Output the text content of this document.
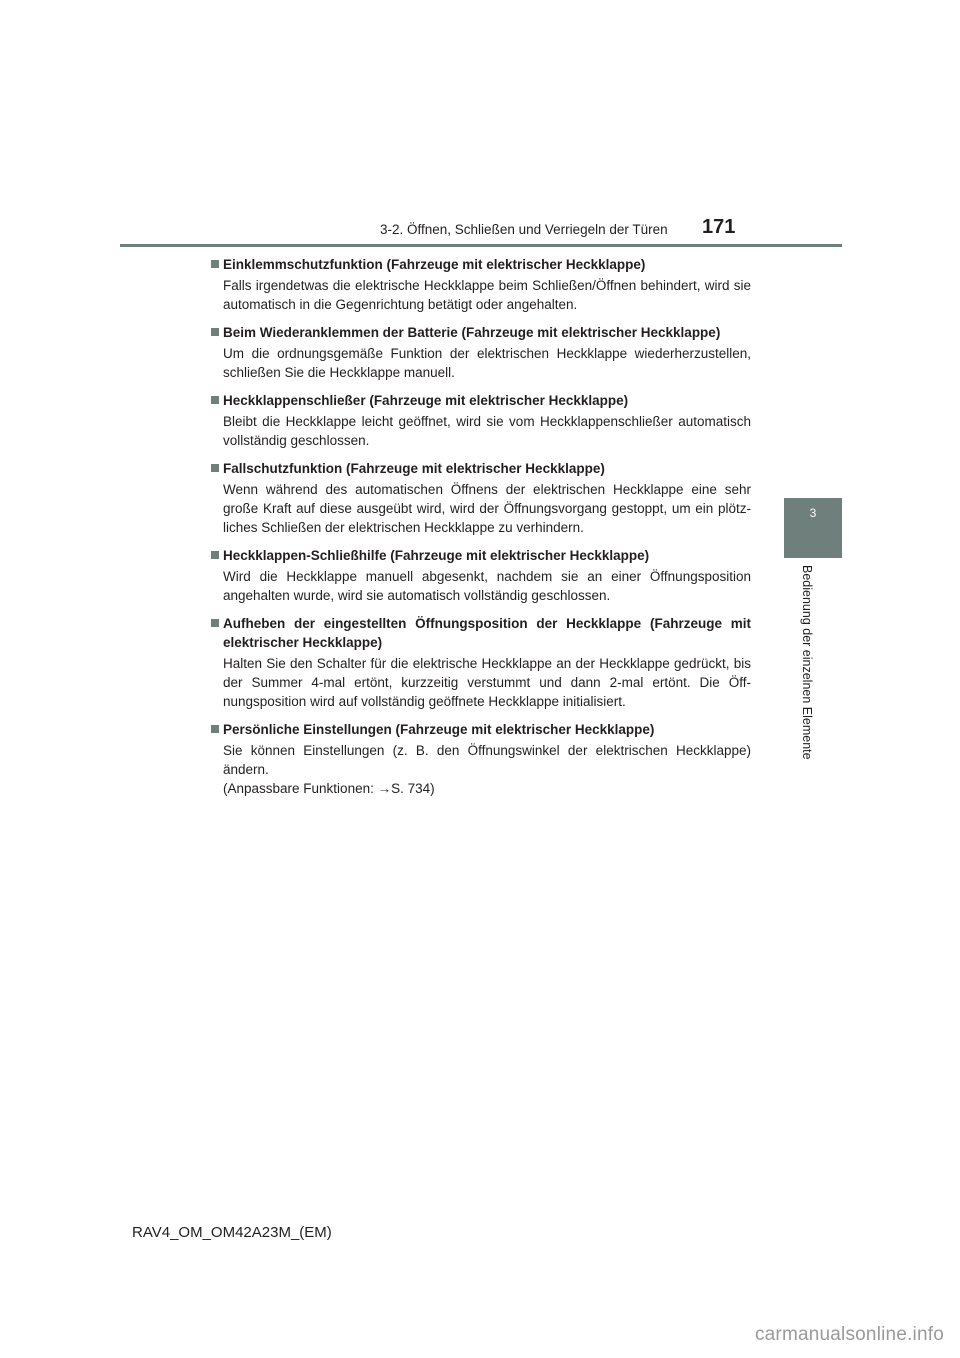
3-2. Öffnen, Schließen und Verriegeln der Türen	171
3
Bedienung der einzelnen Elemente
Einklemmschutzfunktion (Fahrzeuge mit elektrischer Heckklappe)
Falls irgendetwas die elektrische Heckklappe beim Schließen/Öffnen behindert, wird sie automatisch in die Gegenrichtung betätigt oder angehalten.
Beim Wiederanklemmen der Batterie (Fahrzeuge mit elektrischer Heckklappe)
Um die ordnungsgemäße Funktion der elektrischen Heckklappe wiederherzustellen, schließen Sie die Heckklappe manuell.
Heckklappenschließer (Fahrzeuge mit elektrischer Heckklappe)
Bleibt die Heckklappe leicht geöffnet, wird sie vom Heckklappenschließer automatisch vollständig geschlossen.
Fallschutzfunktion (Fahrzeuge mit elektrischer Heckklappe)
Wenn während des automatischen Öffnens der elektrischen Heckklappe eine sehr große Kraft auf diese ausgeübt wird, wird der Öffnungsvorgang gestoppt, um ein plötz-liches Schließen der elektrischen Heckklappe zu verhindern.
Heckklappen-Schließhilfe (Fahrzeuge mit elektrischer Heckklappe)
Wird die Heckklappe manuell abgesenkt, nachdem sie an einer Öffnungsposition angehalten wurde, wird sie automatisch vollständig geschlossen.
Aufheben der eingestellten Öffnungsposition der Heckklappe (Fahrzeuge mit elektrischer Heckklappe)
Halten Sie den Schalter für die elektrische Heckklappe an der Heckklappe gedrückt, bis der Summer 4-mal ertönt, kurzzeitig verstummt und dann 2-mal ertönt. Die Öff-nungsposition wird auf vollständig geöffnete Heckklappe initialisiert.
Persönliche Einstellungen (Fahrzeuge mit elektrischer Heckklappe)
Sie können Einstellungen (z. B. den Öffnungswinkel der elektrischen Heckklappe) ändern.
(Anpassbare Funktionen: →S. 734)
RAV4_OM_OM42A23M_(EM)
carmanualsonline.info
